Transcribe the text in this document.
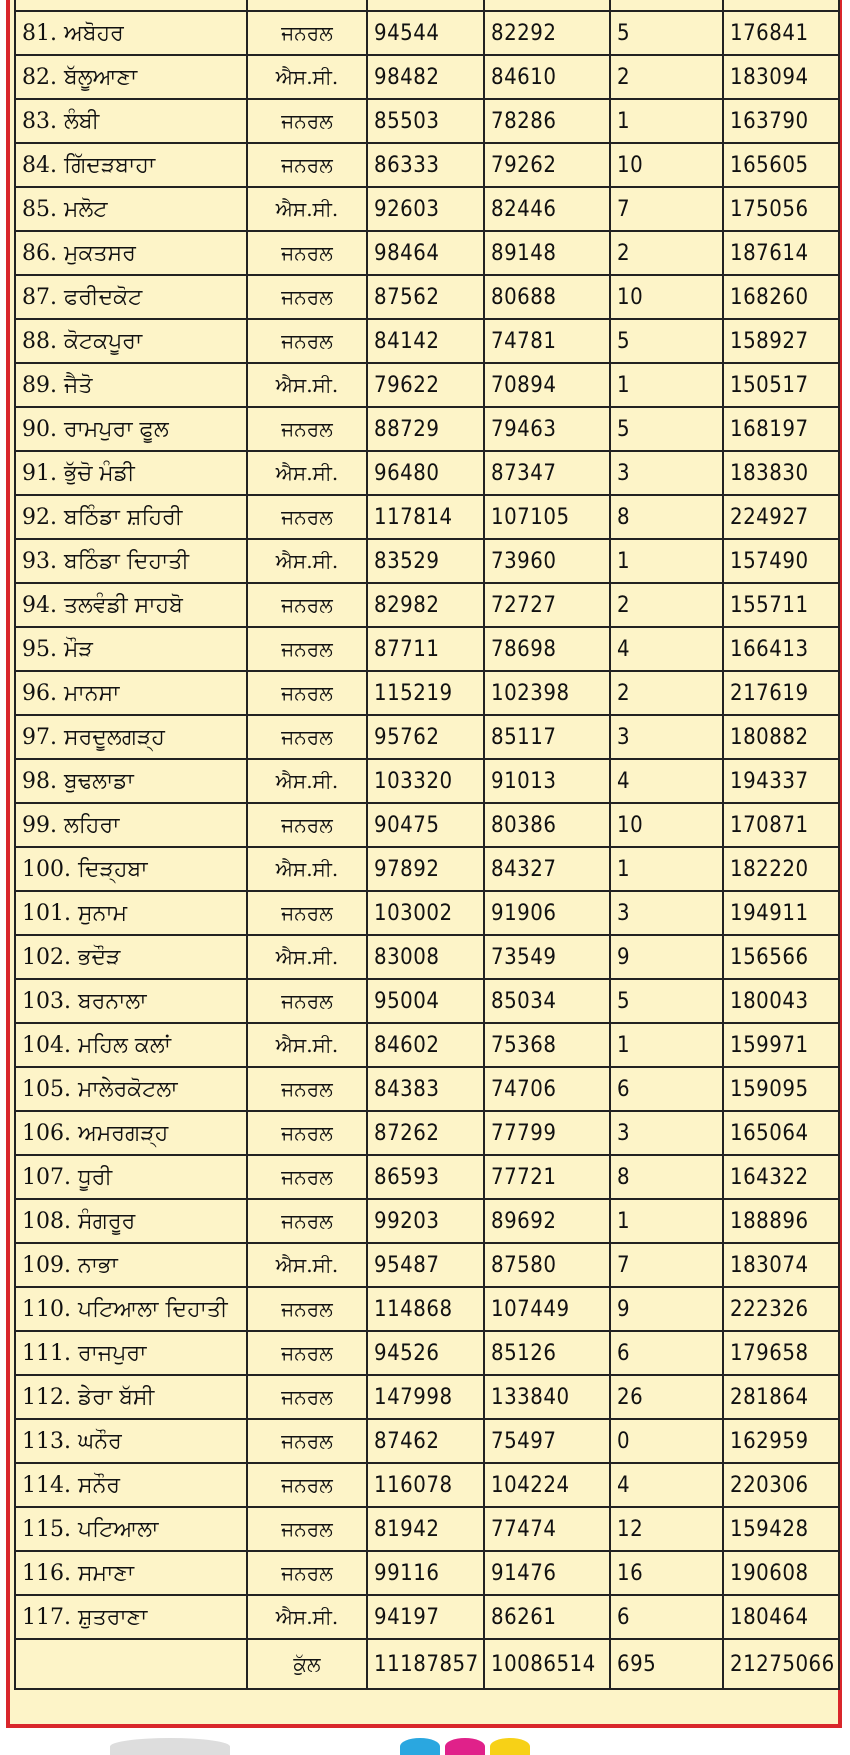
81. ਅਬੋਹਰ	ਜਨਰਲ	94544	82292	5	176841
82. ਬੱਲੂਆਣਾ	ਐਸ.ਸੀ.	98482	84610	2	183094
83. ਲੰਬੀ	ਜਨਰਲ	85503	78286	1	163790
84. ਗਿੱਦੜਬਾਹਾ	ਜਨਰਲ	86333	79262	10	165605
85. ਮਲੋਟ	ਐਸ.ਸੀ.	92603	82446	7	175056
86. ਮੁਕਤਸਰ	ਜਨਰਲ	98464	89148	2	187614
87. ਫਰੀਦਕੋਟ	ਜਨਰਲ	87562	80688	10	168260
88. ਕੋਟਕਪੂਰਾ	ਜਨਰਲ	84142	74781	5	158927
89. ਜੈਤੋ	ਐਸ.ਸੀ.	79622	70894	1	150517
90. ਰਾਮਪੁਰਾ ਫੂਲ	ਜਨਰਲ	88729	79463	5	168197
91. ਭੁੱਚੋ ਮੰਡੀ	ਐਸ.ਸੀ.	96480	87347	3	183830
92. ਬਠਿੰਡਾ ਸ਼ਹਿਰੀ	ਜਨਰਲ	117814	107105	8	224927
93. ਬਠਿੰਡਾ ਦਿਹਾਤੀ	ਐਸ.ਸੀ.	83529	73960	1	157490
94. ਤਲਵੰਡੀ ਸਾਹਬੋ	ਜਨਰਲ	82982	72727	2	155711
95. ਮੌੜ	ਜਨਰਲ	87711	78698	4	166413
96. ਮਾਨਸਾ	ਜਨਰਲ	115219	102398	2	217619
97. ਸਰਦੂਲਗੜ੍ਹ	ਜਨਰਲ	95762	85117	3	180882
98. ਬੁਢਲਾਡਾ	ਐਸ.ਸੀ.	103320	91013	4	194337
99. ਲਹਿਰਾ	ਜਨਰਲ	90475	80386	10	170871
100. ਦਿੜ੍ਹਬਾ	ਐਸ.ਸੀ.	97892	84327	1	182220
101. ਸੁਨਾਮ	ਜਨਰਲ	103002	91906	3	194911
102. ਭਦੌੜ	ਐਸ.ਸੀ.	83008	73549	9	156566
103. ਬਰਨਾਲਾ	ਜਨਰਲ	95004	85034	5	180043
104. ਮਹਿਲ ਕਲਾਂ	ਐਸ.ਸੀ.	84602	75368	1	159971
105. ਮਾਲੇਰਕੋਟਲਾ	ਜਨਰਲ	84383	74706	6	159095
106. ਅਮਰਗੜ੍ਹ	ਜਨਰਲ	87262	77799	3	165064
107. ਧੂਰੀ	ਜਨਰਲ	86593	77721	8	164322
108. ਸੰਗਰੂਰ	ਜਨਰਲ	99203	89692	1	188896
109. ਨਾਭਾ	ਐਸ.ਸੀ.	95487	87580	7	183074
110. ਪਟਿਆਲਾ ਦਿਹਾਤੀ	ਜਨਰਲ	114868	107449	9	222326
111. ਰਾਜਪੁਰਾ	ਜਨਰਲ	94526	85126	6	179658
112. ਡੇਰਾ ਬੱਸੀ	ਜਨਰਲ	147998	133840	26	281864
113. ਘਨੌਰ	ਜਨਰਲ	87462	75497	0	162959
114. ਸਨੌਰ	ਜਨਰਲ	116078	104224	4	220306
115. ਪਟਿਆਲਾ	ਜਨਰਲ	81942	77474	12	159428
116. ਸਮਾਣਾ	ਜਨਰਲ	99116	91476	16	190608
117. ਸ਼ੁਤਰਾਣਾ	ਐਸ.ਸੀ.	94197	86261	6	180464
	ਕੁੱਲ	11187857	10086514	695	21275066
